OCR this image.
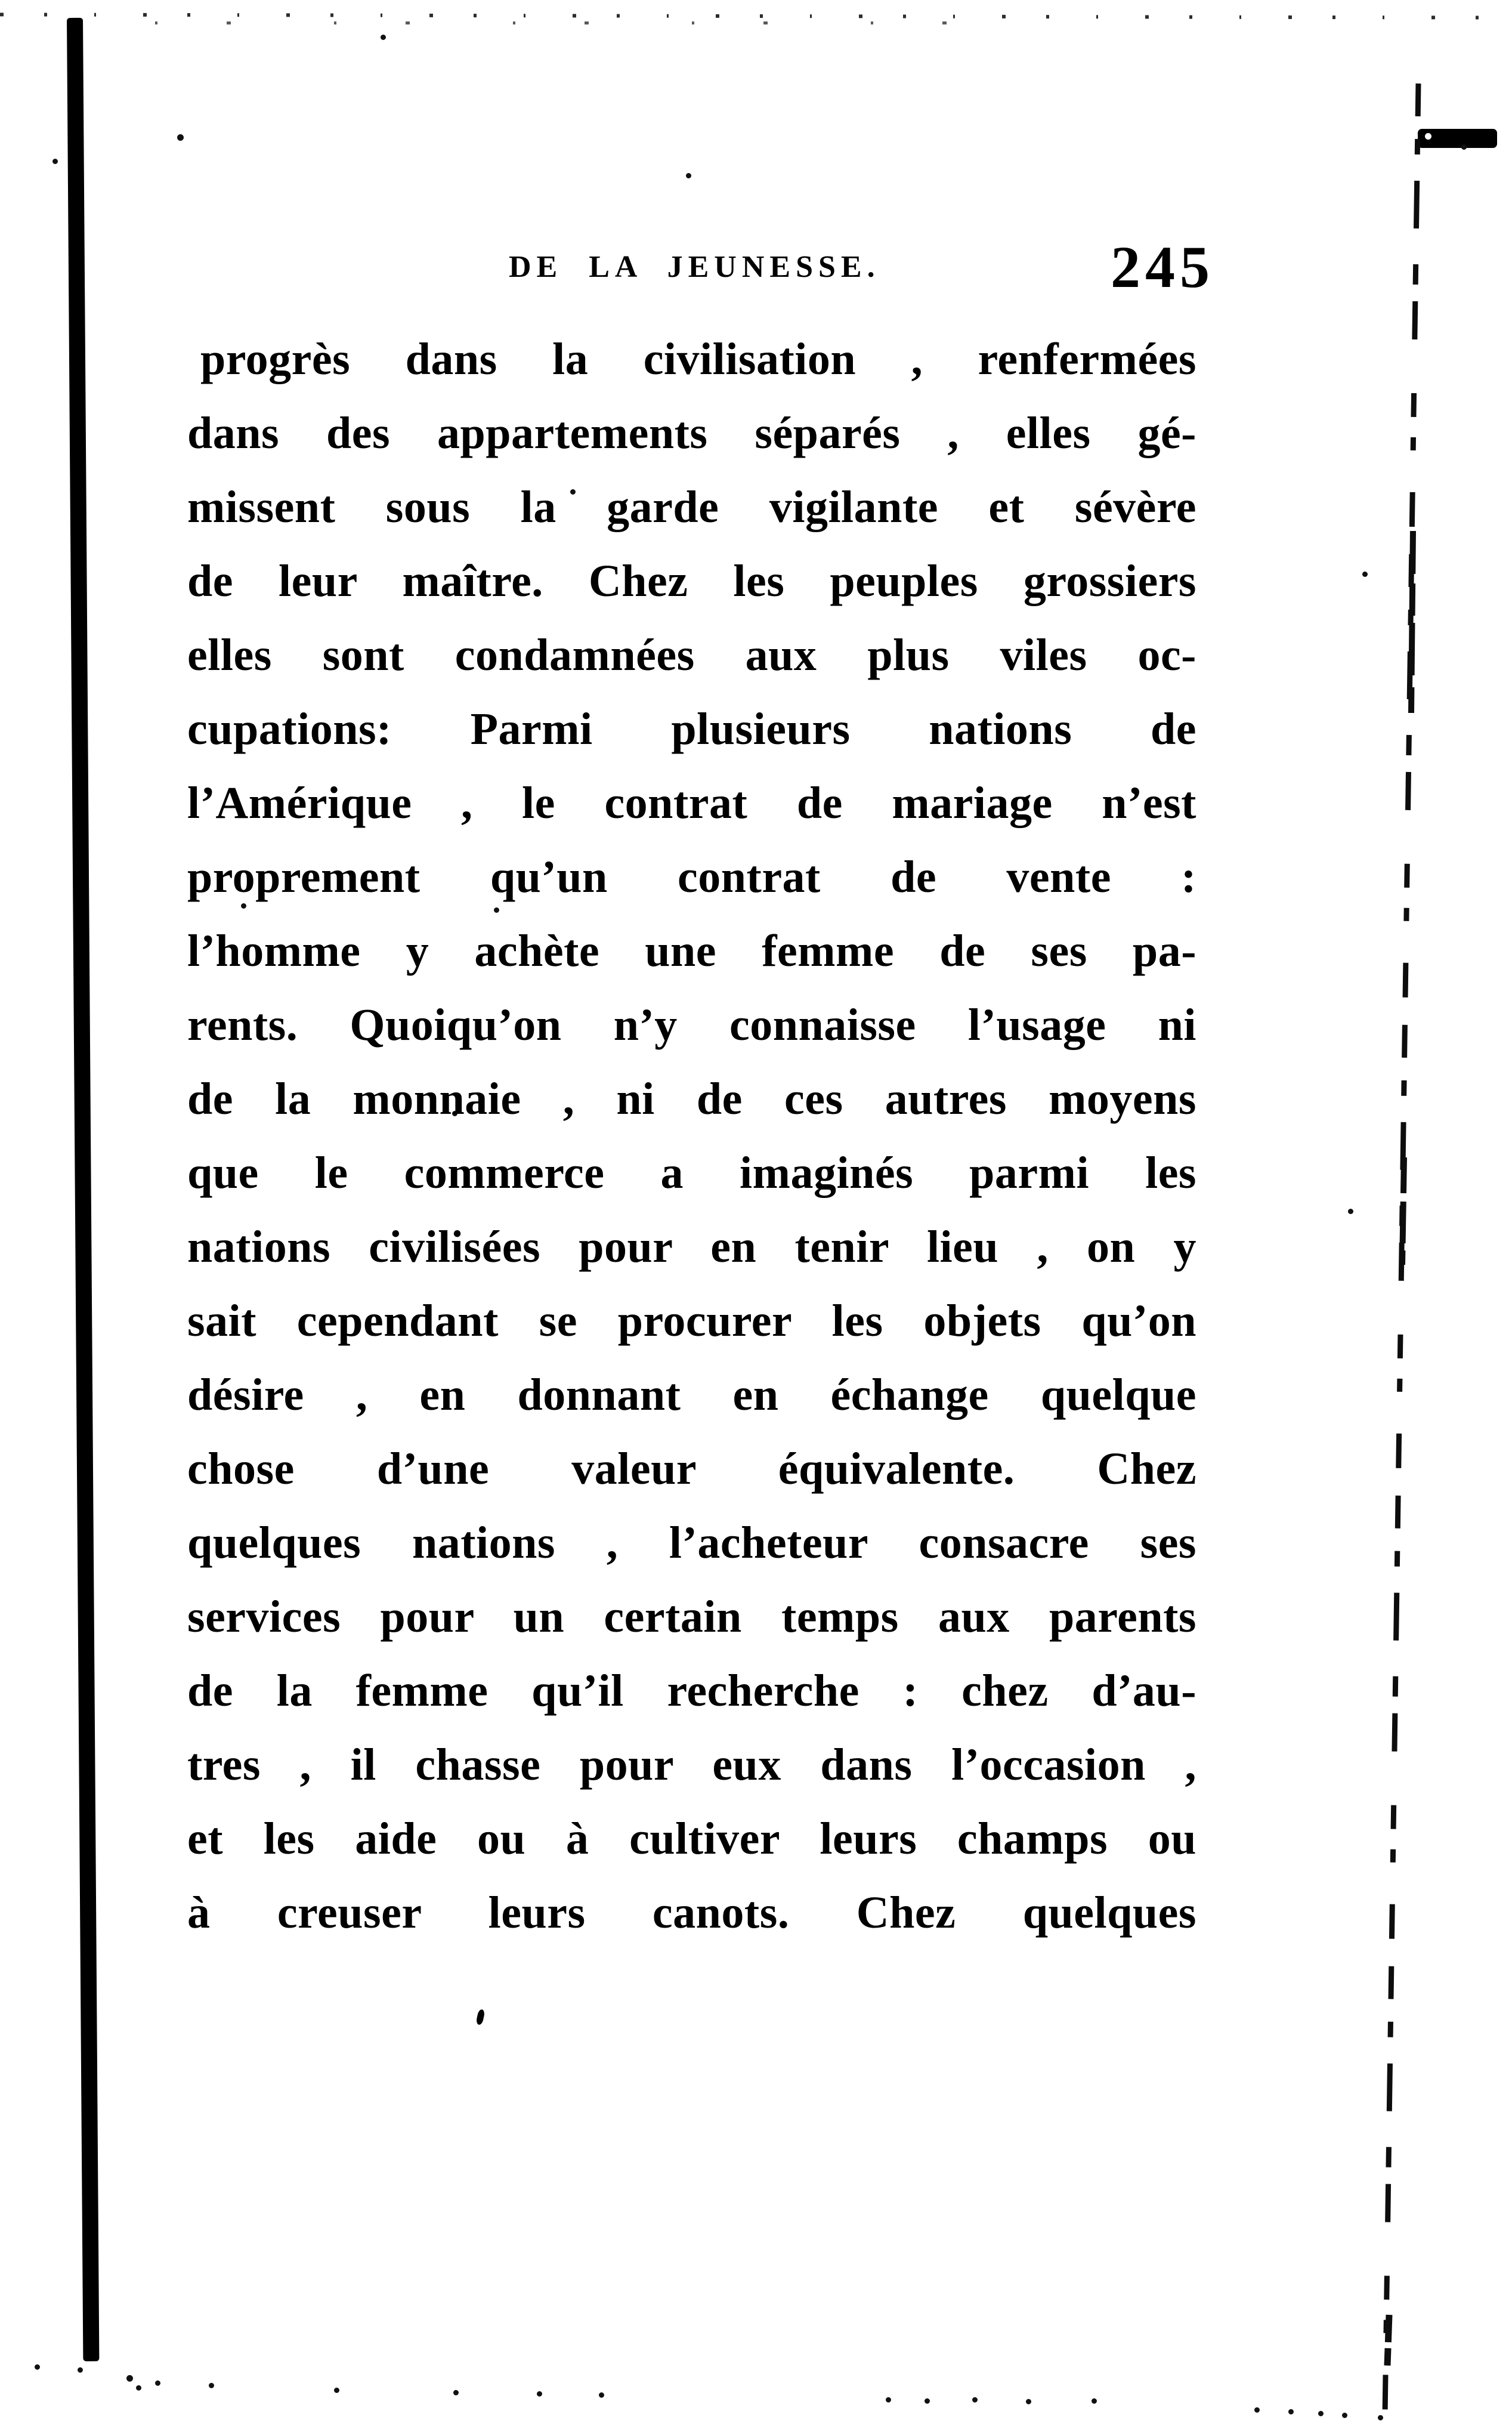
DE LA JEUNESSE.	245
progrès dans la civilisation , renfermées
dans des appartements séparés , elles gé-
missent sous la garde vigilante et sévère
de leur maître. Chez les peuples grossiers
elles sont condamnées aux plus viles oc-
cupations: Parmi plusieurs nations de
l’Amérique , le contrat de mariage n’est
proprement qu’un contrat de vente :
l’homme y achète une femme de ses pa-
rents. Quoiqu’on n’y connaisse l’usage ni
de la monnaie , ni de ces autres moyens
que le commerce a imaginés parmi les
nations civilisées pour en tenir lieu , on y
sait cependant se procurer les objets qu’on
désire , en donnant en échange quelque
chose d’une valeur équivalente. Chez
quelques nations , l’acheteur consacre ses
services pour un certain temps aux parents
de la femme qu’il recherche : chez d’au-
tres , il chasse pour eux dans l’occasion ,
et les aide ou à cultiver leurs champs ou
à creuser leurs canots. Chez quelques
